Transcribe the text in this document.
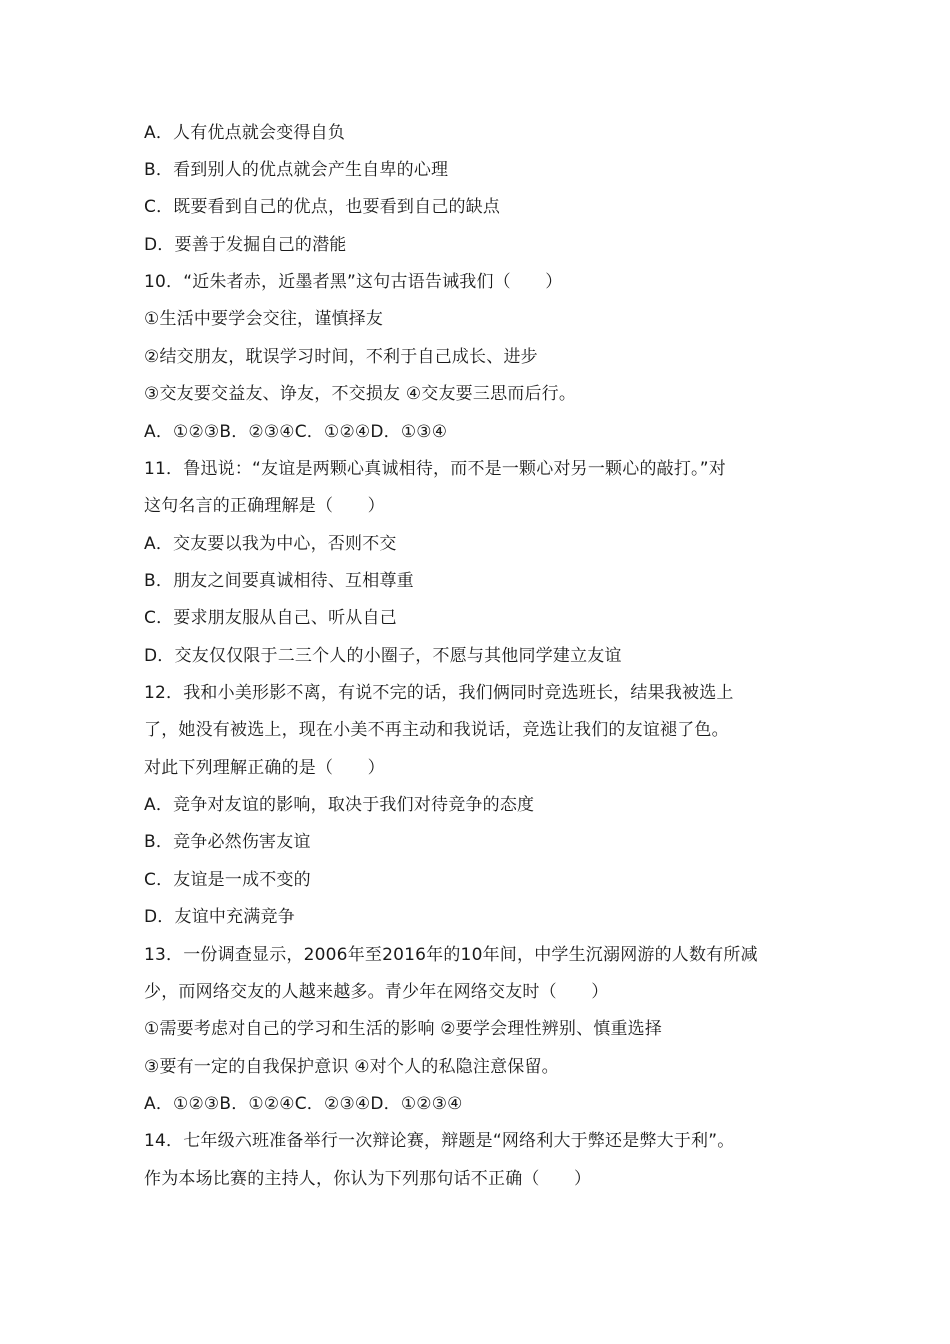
A．人有优点就会变得自负
B．看到别人的优点就会产生自卑的心理
C．既要看到自己的优点，也要看到自己的缺点
D．要善于发掘自己的潜能
10．“近朱者赤，近墨者黑”这句古语告诫我们（　　）
①生活中要学会交往，谨慎择友
②结交朋友，耽误学习时间，不利于自己成长、进步
③交友要交益友、诤友，不交损友 ④交友要三思而后行。
A．①②③B．②③④C．①②④D．①③④
11．鲁迅说：“友谊是两颗心真诚相待，而不是一颗心对另一颗心的敲打。”对
这句名言的正确理解是（　　）
A．交友要以我为中心，否则不交
B．朋友之间要真诚相待、互相尊重
C．要求朋友服从自己、听从自己
D．交友仅仅限于二三个人的小圈子，不愿与其他同学建立友谊
12．我和小美形影不离，有说不完的话，我们俩同时竞选班长，结果我被选上
了，她没有被选上，现在小美不再主动和我说话，竞选让我们的友谊褪了色。
对此下列理解正确的是（　　）
A．竞争对友谊的影响，取决于我们对待竞争的态度
B．竞争必然伤害友谊
C．友谊是一成不变的
D．友谊中充满竞争
13．一份调查显示，2006年至2016年的10年间，中学生沉溺网游的人数有所减
少，而网络交友的人越来越多。青少年在网络交友时（　　）
①需要考虑对自己的学习和生活的影响 ②要学会理性辨别、慎重选择
③要有一定的自我保护意识 ④对个人的私隐注意保留。
A．①②③B．①②④C．②③④D．①②③④
14．七年级六班准备举行一次辩论赛，辩题是“网络利大于弊还是弊大于利”。
作为本场比赛的主持人，你认为下列那句话不正确（　　）
